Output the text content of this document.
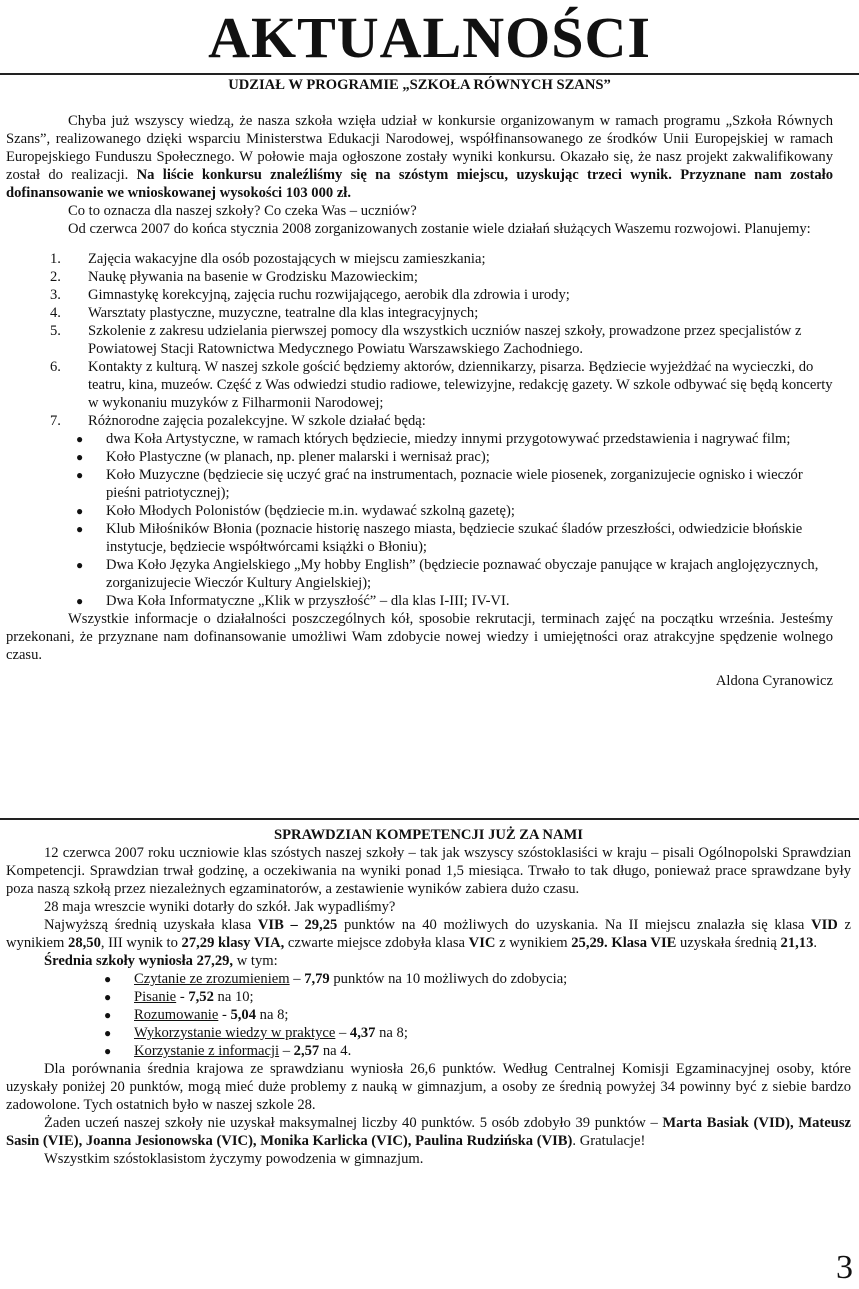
AKTUALNOŚCI
UDZIAŁ W PROGRAMIE „SZKOŁA RÓWNYCH SZANS”

Chyba już wszyscy wiedzą, że nasza szkoła wzięła udział w konkursie organizowanym w ramach programu „Szkoła Równych Szans”, realizowanego dzięki wsparciu Ministerstwa Edukacji Narodowej, współfinansowanego ze środków Unii Europejskiej w ramach Europejskiego Funduszu Społecznego. W połowie maja ogłoszone zostały wyniki konkursu. Okazało się, że nasz projekt zakwalifikowany został do realizacji. Na liście konkursu znaleźliśmy się na szóstym miejscu, uzyskując trzeci wynik. Przyznane nam zostało dofinansowanie we wnioskowanej wysokości 103 000 zł.

Co to oznacza dla naszej szkoły? Co czeka Was – uczniów?

Od czerwca 2007 do końca stycznia 2008 zorganizowanych zostanie wiele działań służących Waszemu rozwojowi. Planujemy:

1. Zajęcia wakacyjne dla osób pozostających w miejscu zamieszkania;
2. Naukę pływania na basenie w Grodzisku Mazowieckim;
3. Gimnastykę korekcyjną, zajęcia ruchu rozwijającego, aerobik dla zdrowia i urody;
4. Warsztaty plastyczne, muzyczne, teatralne dla klas integracyjnych;
5. Szkolenie z zakresu udzielania pierwszej pomocy dla wszystkich uczniów naszej szkoły, prowadzone przez specjalistów z Powiatowej Stacji Ratownictwa Medycznego Powiatu Warszawskiego Zachodniego.
6. Kontakty z kulturą. W naszej szkole gościć będziemy aktorów, dziennikarzy, pisarza. Będziecie wyjeżdżać na wycieczki, do teatru, kina, muzeów. Część z Was odwiedzi studio radiowe, telewizyjne, redakcję gazety. W szkole odbywać się będą koncerty w wykonaniu muzyków z Filharmonii Narodowej;
7. Różnorodne zajęcia pozalekcyjne. W szkole działać będą:
● dwa Koła Artystyczne, w ramach których będziecie, miedzy innymi przygotowywać przedstawienia i nagrywać film;
● Koło Plastyczne (w planach, np. plener malarski i wernisaż prac);
● Koło Muzyczne (będziecie się uczyć grać na instrumentach, poznacie wiele piosenek, zorganizujecie ognisko i wieczór pieśni patriotycznej);
● Koło Młodych Polonistów (będziecie m.in. wydawać szkolną gazetę);
● Klub Miłośników Błonia (poznacie historię naszego miasta, będziecie szukać śladów przeszłości, odwiedzicie błońskie instytucje, będziecie współtwórcami książki o Błoniu);
● Dwa Koło Języka Angielskiego „My hobby English” (będziecie poznawać obyczaje panujące w krajach anglojęzycznych, zorganizujecie Wieczór Kultury Angielskiej);
● Dwa Koła Informatyczne „Klik w przyszłość” – dla klas I-III; IV-VI.

Wszystkie informacje o działalności poszczególnych kół, sposobie rekrutacji, terminach zajęć na początku września. Jesteśmy przekonani, że przyznane nam dofinansowanie umożliwi Wam zdobycie nowej wiedzy i umiejętności oraz atrakcyjne spędzenie wolnego czasu.

Aldona Cyranowicz
SPRAWDZIAN KOMPETENCJI JUŻ ZA NAMI

12 czerwca 2007 roku uczniowie klas szóstych naszej szkoły – tak jak wszyscy szóstoklasiści w kraju – pisali Ogólnopolski Sprawdzian Kompetencji. Sprawdzian trwał godzinę, a oczekiwania na wyniki ponad 1,5 miesiąca. Trwało to tak długo, ponieważ prace sprawdzane były poza naszą szkołą przez niezależnych egzaminatorów, a zestawienie wyników zabiera dużo czasu.

28 maja wreszcie wyniki dotarły do szkół. Jak wypadliśmy?

Najwyższą średnią uzyskała klasa VIB – 29,25 punktów na 40 możliwych do uzyskania. Na II miejscu znalazła się klasa VID z wynikiem 28,50, III wynik to 27,29 klasy VIA, czwarte miejsce zdobyła klasa VIC z wynikiem 25,29. Klasa VIE uzyskała średnią 21,13.

Średnia szkoły wyniosła 27,29, w tym:

● Czytanie ze zrozumieniem – 7,79 punktów na 10 możliwych do zdobycia;
● Pisanie - 7,52 na 10;
● Rozumowanie - 5,04 na 8;
● Wykorzystanie wiedzy w praktyce – 4,37 na 8;
● Korzystanie z informacji – 2,57 na 4.

Dla porównania średnia krajowa ze sprawdzianu wyniosła 26,6 punktów. Według Centralnej Komisji Egzaminacyjnej osoby, które uzyskały poniżej 20 punktów, mogą mieć duże problemy z nauką w gimnazjum, a osoby ze średnią powyżej 34 powinny być z siebie bardzo zadowolone. Tych ostatnich było w naszej szkole 28.

Żaden uczeń naszej szkoły nie uzyskał maksymalnej liczby 40 punktów. 5 osób zdobyło 39 punktów – Marta Basiak (VID), Mateusz Sasin (VIE), Joanna Jesionowska (VIC), Monika Karlicka (VIC), Paulina Rudzińska (VIB). Gratulacje!

Wszystkim szóstoklasistom życzymy powodzenia w gimnazjum.

3
